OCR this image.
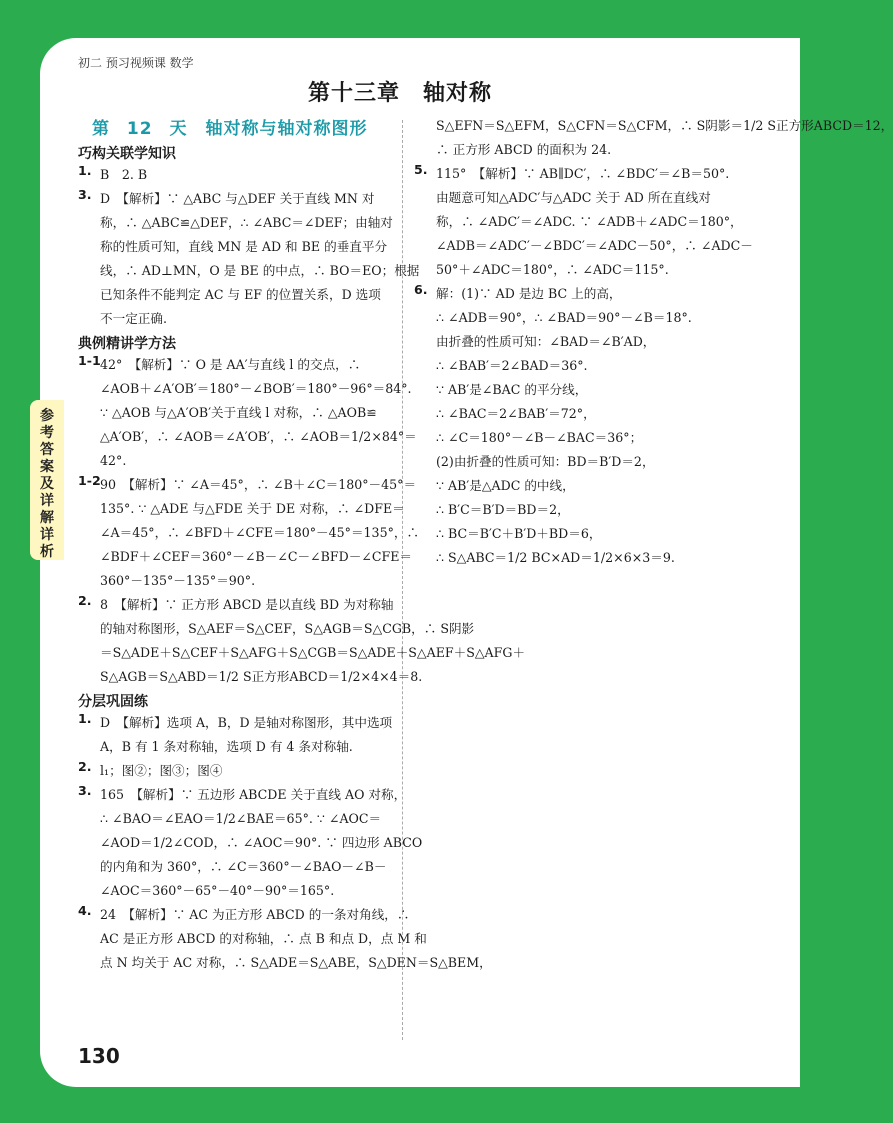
初二 预习视频课 数学
第十三章　轴对称
参考答案及详解详析
第 12 天　轴对称与轴对称图形
巧构关联学知识
1. B　2. B
3. D　【解析】∵ △ABC 与△DEF 关于直线 MN 对
称，∴ △ABC≌△DEF，∴ ∠ABC＝∠DEF；由轴对
称的性质可知，直线 MN 是 AD 和 BE 的垂直平分
线，∴ AD⊥MN，O 是 BE 的中点，∴ BO＝EO；根据
已知条件不能判定 AC 与 EF 的位置关系，D 选项
不一定正确.
典例精讲学方法
1-1 42°　【解析】∵ O 是 AA′与直线 l 的交点，∴
∠AOB＋∠A′OB′＝180°－∠BOB′＝180°－96°＝84°.
∵ △AOB 与△A′OB′关于直线 l 对称，∴ △AOB≌
△A′OB′，∴ ∠AOB＝∠A′OB′，∴ ∠AOB＝1/2×84°＝
42°.
1-2 90　【解析】∵ ∠A＝45°，∴ ∠B＋∠C＝180°－45°＝
135°. ∵ △ADE 与△FDE 关于 DE 对称，∴ ∠DFE＝
∠A＝45°，∴ ∠BFD＋∠CFE＝180°－45°＝135°，∴
∠BDF＋∠CEF＝360°－∠B－∠C－∠BFD－∠CFE＝
360°－135°－135°＝90°.
2. 8　【解析】∵ 正方形 ABCD 是以直线 BD 为对称轴
的轴对称图形，S△AEF＝S△CEF，S△AGB＝S△CGB，∴ S阴影
＝S△ADE＋S△CEF＋S△AFG＋S△CGB＝S△ADE＋S△AEF＋S△AFG＋
S△AGB＝S△ABD＝1/2 S正方形ABCD＝1/2×4×4＝8.
分层巩固练
1. D　【解析】选项 A，B，D 是轴对称图形，其中选项
A，B 有 1 条对称轴，选项 D 有 4 条对称轴.
2. l₁；图②；图③；图④
3. 165　【解析】∵ 五边形 ABCDE 关于直线 AO 对称，
∴ ∠BAO＝∠EAO＝1/2∠BAE＝65°. ∵ ∠AOC＝
∠AOD＝1/2∠COD，∴ ∠AOC＝90°. ∵ 四边形 ABCO
的内角和为 360°，∴ ∠C＝360°－∠BAO－∠B－
∠AOC＝360°－65°－40°－90°＝165°.
4. 24　【解析】∵ AC 为正方形 ABCD 的一条对角线，∴
AC 是正方形 ABCD 的对称轴，∴ 点 B 和点 D，点 M 和
点 N 均关于 AC 对称，∴ S△ADE＝S△ABE，S△DEN＝S△BEM，
S△EFN＝S△EFM，S△CFN＝S△CFM，∴ S阴影＝1/2 S正方形ABCD＝12，
∴ 正方形 ABCD 的面积为 24.
5. 115°　【解析】∵ AB∥DC′，∴ ∠BDC′＝∠B＝50°.
由题意可知△ADC′与△ADC 关于 AD 所在直线对
称，∴ ∠ADC′＝∠ADC. ∵ ∠ADB＋∠ADC＝180°，
∠ADB＝∠ADC′－∠BDC′＝∠ADC－50°，∴ ∠ADC－
50°＋∠ADC＝180°，∴ ∠ADC＝115°.
6. 解：(1)∵ AD 是边 BC 上的高，
∴ ∠ADB＝90°，∴ ∠BAD＝90°－∠B＝18°.
由折叠的性质可知：∠BAD＝∠B′AD，
∴ ∠BAB′＝2∠BAD＝36°.
∵ AB′是∠BAC 的平分线，
∴ ∠BAC＝2∠BAB′＝72°，
∴ ∠C＝180°－∠B－∠BAC＝36°；
(2)由折叠的性质可知：BD＝B′D＝2，
∵ AB′是△ADC 的中线，
∴ B′C＝B′D＝BD＝2，
∴ BC＝B′C＋B′D＋BD＝6，
∴ S△ABC＝1/2 BC×AD＝1/2×6×3＝9.
130
